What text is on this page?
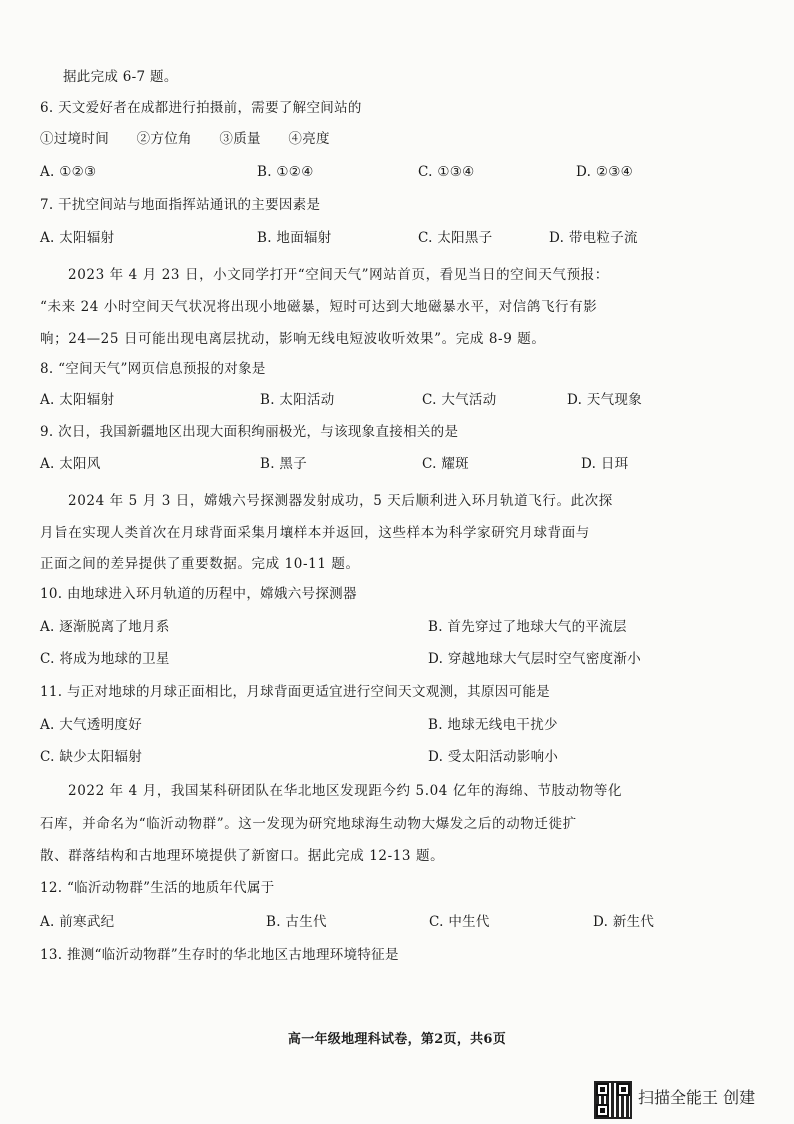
据此完成 6-7 题。
6. 天文爱好者在成都进行拍摄前，需要了解空间站的
①过境时间　　②方位角　　③质量　　④亮度
A. ①②③	B. ①②④	C. ①③④	D. ②③④
7. 干扰空间站与地面指挥站通讯的主要因素是
A. 太阳辐射	B. 地面辐射	C. 太阳黑子	D. 带电粒子流
2023 年 4 月 23 日，小文同学打开“空间天气”网站首页，看见当日的空间天气预报：
“未来 24 小时空间天气状况将出现小地磁暴，短时可达到大地磁暴水平，对信鸽飞行有影
响；24—25 日可能出现电离层扰动，影响无线电短波收听效果”。完成 8-9 题。
8. “空间天气”网页信息预报的对象是
A. 太阳辐射	B. 太阳活动	C. 大气活动	D. 天气现象
9. 次日，我国新疆地区出现大面积绚丽极光，与该现象直接相关的是
A. 太阳风	B. 黑子	C. 耀斑	D. 日珥
2024 年 5 月 3 日，嫦娥六号探测器发射成功，5 天后顺利进入环月轨道飞行。此次探
月旨在实现人类首次在月球背面采集月壤样本并返回，这些样本为科学家研究月球背面与
正面之间的差异提供了重要数据。完成 10-11 题。
10. 由地球进入环月轨道的历程中，嫦娥六号探测器
A. 逐渐脱离了地月系	B. 首先穿过了地球大气的平流层
C. 将成为地球的卫星	D. 穿越地球大气层时空气密度渐小
11. 与正对地球的月球正面相比，月球背面更适宜进行空间天文观测，其原因可能是
A. 大气透明度好	B. 地球无线电干扰少
C. 缺少太阳辐射	D. 受太阳活动影响小
2022 年 4 月，我国某科研团队在华北地区发现距今约 5.04 亿年的海绵、节肢动物等化
石库，并命名为“临沂动物群”。这一发现为研究地球海生动物大爆发之后的动物迁徙扩
散、群落结构和古地理环境提供了新窗口。据此完成 12-13 题。
12. “临沂动物群”生活的地质年代属于
A. 前寒武纪	B. 古生代	C. 中生代	D. 新生代
13. 推测“临沂动物群”生存时的华北地区古地理环境特征是
高一年级地理科试卷，第2页，共6页
扫描全能王 创建
